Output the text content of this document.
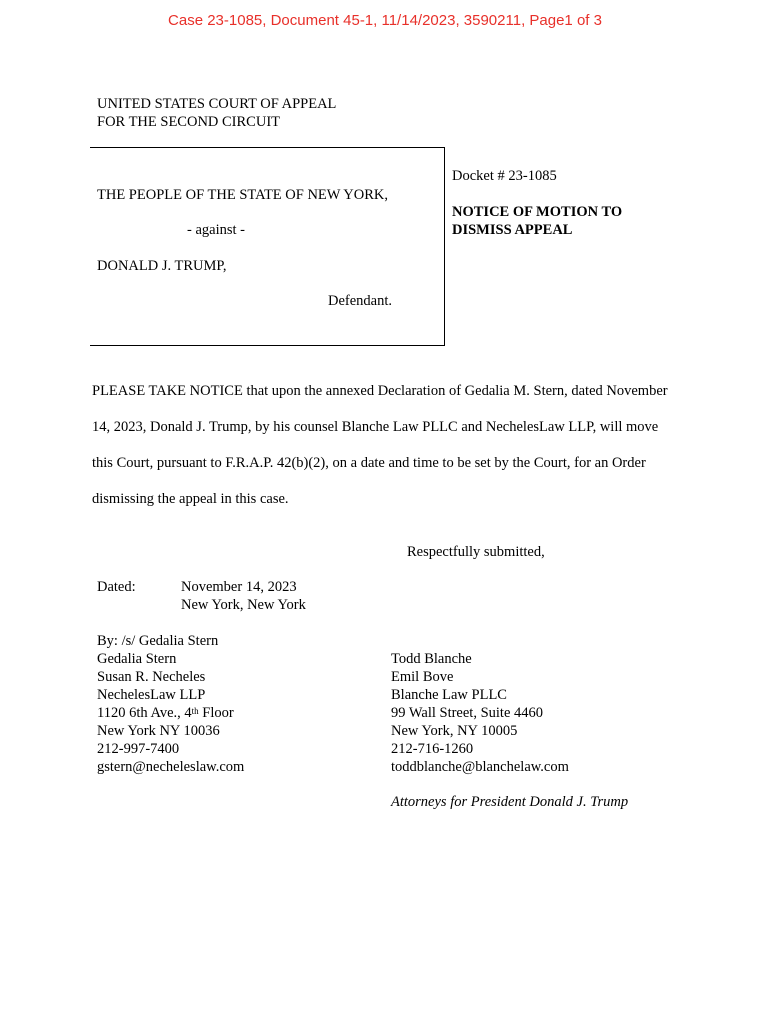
Case 23-1085, Document 45-1, 11/14/2023, 3590211, Page1 of 3
UNITED STATES COURT OF APPEAL
FOR THE SECOND CIRCUIT
THE PEOPLE OF THE STATE OF NEW YORK,
- against -
DONALD J. TRUMP,
Defendant.
Docket # 23-1085
NOTICE OF MOTION TO
DISMISS APPEAL
PLEASE TAKE NOTICE that upon the annexed Declaration of Gedalia M. Stern, dated November
14, 2023, Donald J. Trump, by his counsel Blanche Law PLLC and NechelesLaw LLP, will move
this Court, pursuant to F.R.A.P. 42(b)(2), on a date and time to be set by the Court, for an Order
dismissing the appeal in this case.
Respectfully submitted,
Dated:	November 14, 2023
New York, New York
By: /s/ Gedalia Stern
Gedalia Stern
Susan R. Necheles
NechelesLaw LLP
1120 6th Ave., 4th Floor
New York NY 10036
212-997-7400
gstern@necheleslaw.com
Todd Blanche
Emil Bove
Blanche Law PLLC
99 Wall Street, Suite 4460
New York, NY 10005
212-716-1260
toddblanche@blanchelaw.com
Attorneys for President Donald J. Trump
